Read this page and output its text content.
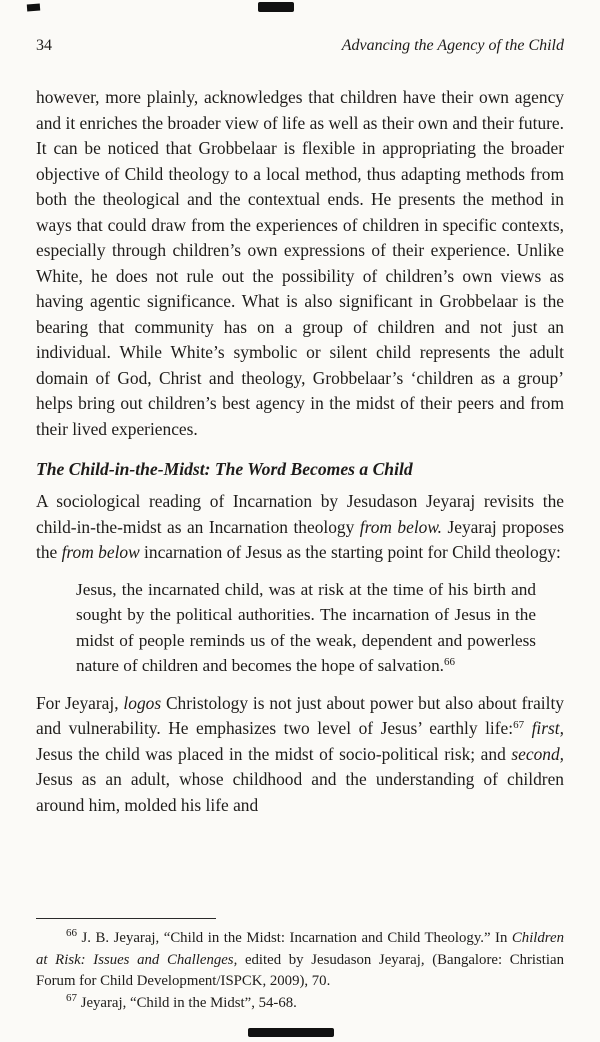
34	Advancing the Agency of the Child

however, more plainly, acknowledges that children have their own agency and it enriches the broader view of life as well as their own and their future. It can be noticed that Grobbelaar is flexible in appropriating the broader objective of Child theology to a local method, thus adapting methods from both the theological and the contextual ends. He presents the method in ways that could draw from the experiences of children in specific contexts, especially through children’s own expressions of their experience. Unlike White, he does not rule out the possibility of children’s own views as having agentic significance. What is also significant in Grobbelaar is the bearing that community has on a group of children and not just an individual. While White’s symbolic or silent child represents the adult domain of God, Christ and theology, Grobbelaar’s ‘children as a group’ helps bring out children’s best agency in the midst of their peers and from their lived experiences.

The Child-in-the-Midst: The Word Becomes a Child

A sociological reading of Incarnation by Jesudason Jeyaraj revisits the child-in-the-midst as an Incarnation theology from below. Jeyaraj proposes the from below incarnation of Jesus as the starting point for Child theology:

Jesus, the incarnated child, was at risk at the time of his birth and sought by the political authorities. The incarnation of Jesus in the midst of people reminds us of the weak, dependent and powerless nature of children and becomes the hope of salvation.$^{66}$

For Jeyaraj, logos Christology is not just about power but also about frailty and vulnerability. He emphasizes two level of Jesus’ earthly life:$^{67}$ first, Jesus the child was placed in the midst of socio-political risk; and second, Jesus as an adult, whose childhood and the understanding of children around him, molded his life and

$^{66}$ J. B. Jeyaraj, “Child in the Midst: Incarnation and Child Theology.” In Children at Risk: Issues and Challenges, edited by Jesudason Jeyaraj, (Bangalore: Christian Forum for Child Development/ISPCK, 2009), 70.

$^{67}$ Jeyaraj, “Child in the Midst”, 54-68.
